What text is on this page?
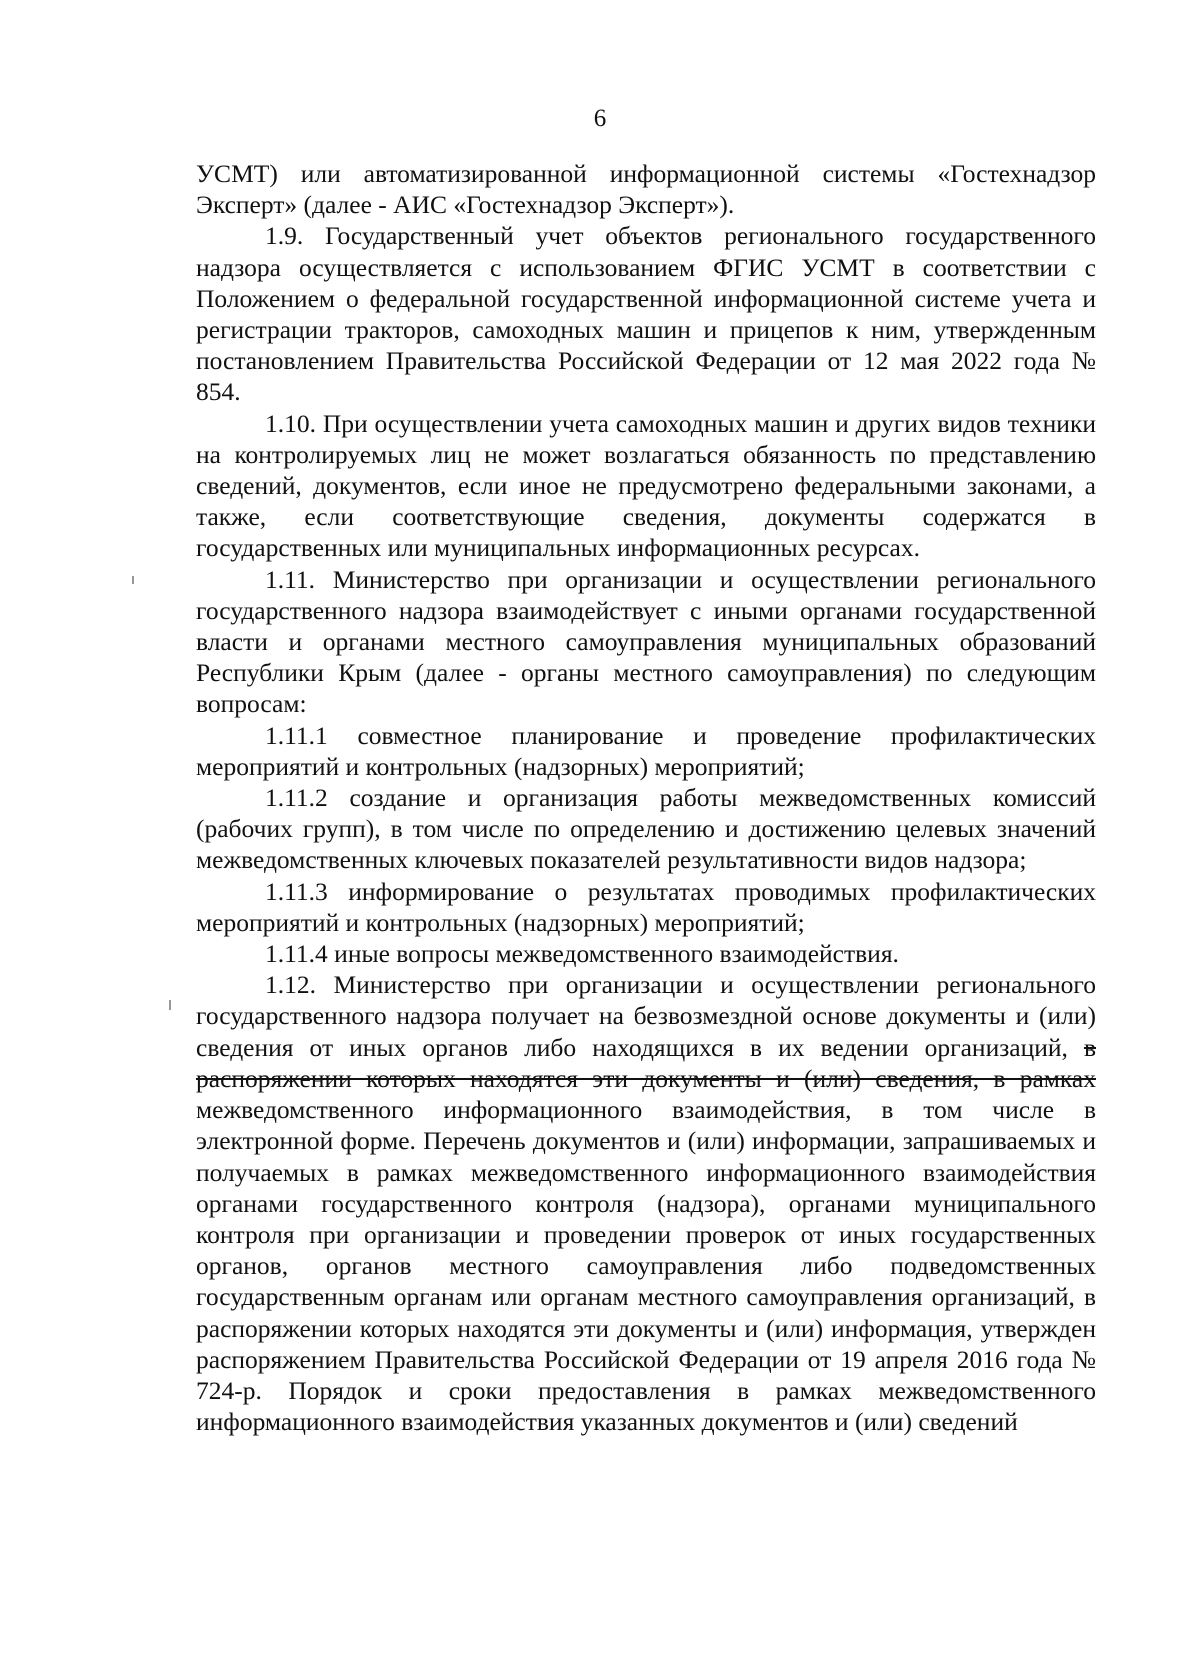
6

УСМТ) или автоматизированной информационной системы «Гостехнадзор Эксперт» (далее - АИС «Гостехнадзор Эксперт»).

1.9. Государственный учет объектов регионального государственного надзора осуществляется с использованием ФГИС УСМТ в соответствии с Положением о федеральной государственной информационной системе учета и регистрации тракторов, самоходных машин и прицепов к ним, утвержденным постановлением Правительства Российской Федерации от 12 мая 2022 года № 854.

1.10. При осуществлении учета самоходных машин и других видов техники на контролируемых лиц не может возлагаться обязанность по представлению сведений, документов, если иное не предусмотрено федеральными законами, а также, если соответствующие сведения, документы содержатся в государственных или муниципальных информационных ресурсах.

1.11. Министерство при организации и осуществлении регионального государственного надзора взаимодействует с иными органами государственной власти и органами местного самоуправления муниципальных образований Республики Крым (далее - органы местного самоуправления) по следующим вопросам:

1.11.1 совместное планирование и проведение профилактических мероприятий и контрольных (надзорных) мероприятий;

1.11.2 создание и организация работы межведомственных комиссий (рабочих групп), в том числе по определению и достижению целевых значений межведомственных ключевых показателей результативности видов надзора;

1.11.3 информирование о результатах проводимых профилактических мероприятий и контрольных (надзорных) мероприятий;

1.11.4 иные вопросы межведомственного взаимодействия.

1.12. Министерство при организации и осуществлении регионального государственного надзора получает на безвозмездной основе документы и (или) сведения от иных органов либо находящихся в их ведении организаций, в распоряжении которых находятся эти документы и (или) сведения, в рамках межведомственного информационного взаимодействия, в том числе в электронной форме. Перечень документов и (или) информации, запрашиваемых и получаемых в рамках межведомственного информационного взаимодействия органами государственного контроля (надзора), органами муниципального контроля при организации и проведении проверок от иных государственных органов, органов местного самоуправления либо подведомственных государственным органам или органам местного самоуправления организаций, в распоряжении которых находятся эти документы и (или) информация, утвержден распоряжением Правительства Российской Федерации от 19 апреля 2016 года № 724-р. Порядок и сроки предоставления в рамках межведомственного информационного взаимодействия указанных документов и (или) сведений
